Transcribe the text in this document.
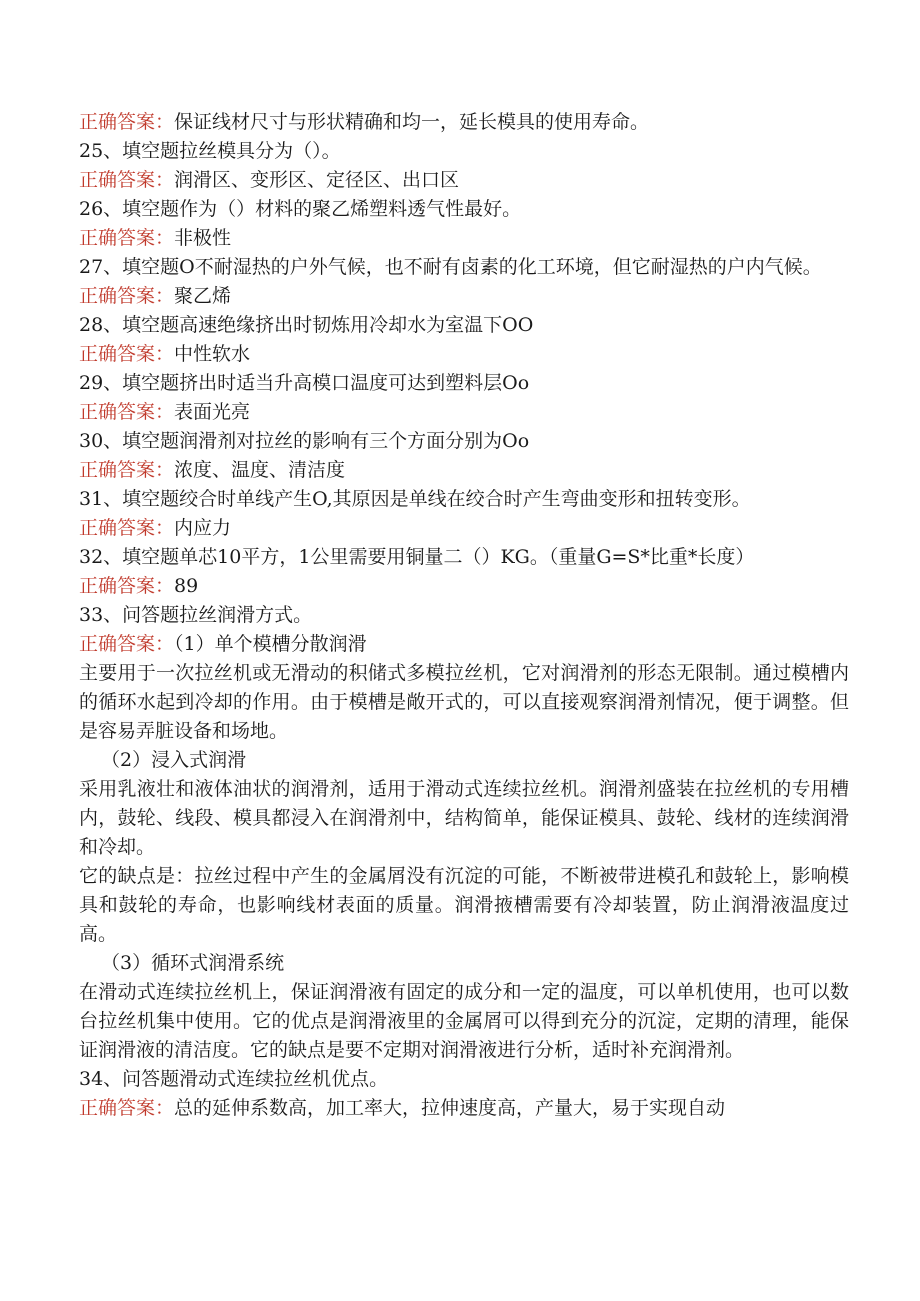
正确答案：保证线材尺寸与形状精确和均一，延长模具的使用寿命。

25、填空题拉丝模具分为（）。

正确答案：润滑区、变形区、定径区、出口区

26、填空题作为（）材料的聚乙烯塑料透气性最好。

正确答案：非极性

27、填空题O不耐湿热的户外气候，也不耐有卤素的化工环境，但它耐湿热的户内气候。

正确答案：聚乙烯

28、填空题高速绝缘挤出时韧炼用冷却水为室温下OO

正确答案：中性软水

29、填空题挤出时适当升高模口温度可达到塑料层Oo

正确答案：表面光亮

30、填空题润滑剂对拉丝的影响有三个方面分别为Oo

正确答案：浓度、温度、清洁度

31、填空题绞合时单线产生O,其原因是单线在绞合时产生弯曲变形和扭转变形。

正确答案：内应力

32、填空题单芯10平方，1公里需要用铜量二（）KG。（重量G=S*比重*长度）

正确答案：89

33、问答题拉丝润滑方式。

正确答案：（1）单个模槽分散润滑

主要用于一次拉丝机或无滑动的积储式多模拉丝机，它对润滑剂的形态无限制。通过模槽内的循环水起到冷却的作用。由于模槽是敞开式的，可以直接观察润滑剂情况，便于调整。但是容易弄脏设备和场地。

（2）浸入式润滑

采用乳液壮和液体油状的润滑剂，适用于滑动式连续拉丝机。润滑剂盛装在拉丝机的专用槽内，鼓轮、线段、模具都浸入在润滑剂中，结构简单，能保证模具、鼓轮、线材的连续润滑和冷却。

它的缺点是：拉丝过程中产生的金属屑没有沉淀的可能，不断被带进模孔和鼓轮上，影响模具和鼓轮的寿命，也影响线材表面的质量。润滑掖槽需要有冷却装置，防止润滑液温度过高。

（3）循环式润滑系统

在滑动式连续拉丝机上，保证润滑液有固定的成分和一定的温度，可以单机使用，也可以数台拉丝机集中使用。它的优点是润滑液里的金属屑可以得到充分的沉淀，定期的清理，能保证润滑液的清洁度。它的缺点是要不定期对润滑液进行分析，适时补充润滑剂。

34、问答题滑动式连续拉丝机优点。

正确答案：总的延伸系数高，加工率大，拉伸速度高，产量大，易于实现自动
